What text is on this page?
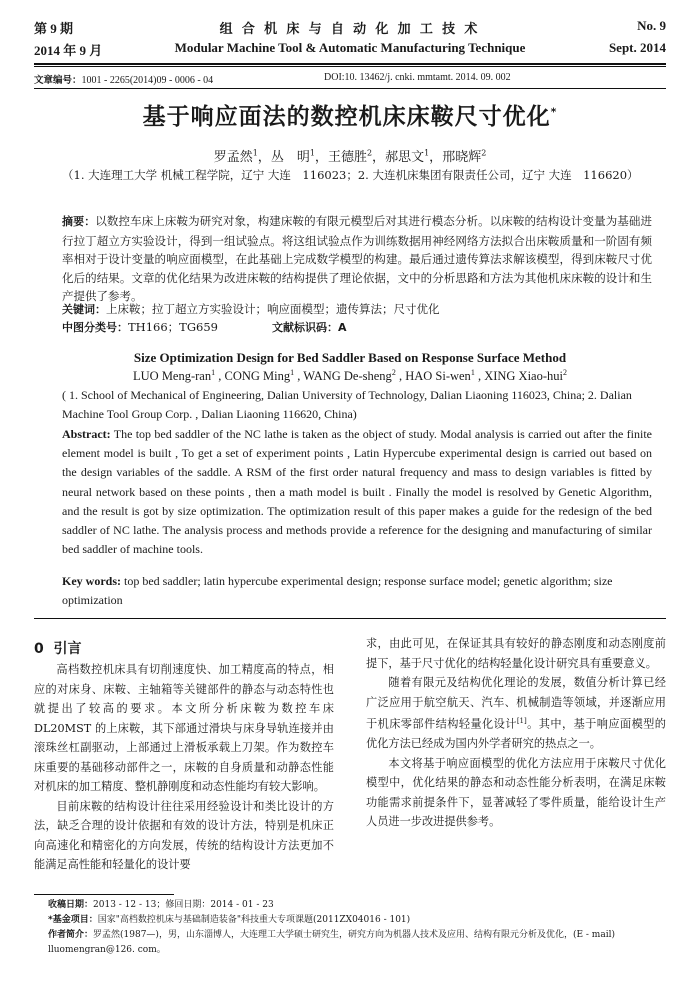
第 9 期	组 合 机 床 与 自 动 化 加 工 技 术	No. 9
2014 年 9 月	Modular Machine Tool & Automatic Manufacturing Technique	Sept. 2014
文章编号：1001 - 2265(2014)09 - 0006 - 04	DOI:10. 13462/j. cnki. mmtamt. 2014. 09. 002
基于响应面法的数控机床床鞍尺寸优化*
罗孟然$^1$，丛　明$^1$，王德胜$^2$，郝思文$^1$，邢晓辉$^2$
（1. 大连理工大学 机械工程学院，辽宁 大连　116023；2. 大连机床集团有限责任公司，辽宁 大连　116620）
摘要：以数控车床上床鞍为研究对象，构建床鞍的有限元模型后对其进行模态分析。以床鞍的结构设计变量为基础进行拉丁超立方实验设计，得到一组试验点。将这组试验点作为训练数据用神经网络方法拟合出床鞍质量和一阶固有频率相对于设计变量的响应面模型，在此基础上完成数学模型的构建。最后通过遗传算法求解该模型，得到床鞍尺寸优化后的结果。文章的优化结果为改进床鞍的结构提供了理论依据，文中的分析思路和方法为其他机床床鞍的设计和生产提供了参考。
关键词：上床鞍；拉丁超立方实验设计；响应面模型；遗传算法；尺寸优化
中图分类号：TH166；TG659	文献标识码：A
Size Optimization Design for Bed Saddler Based on Response Surface Method
LUO Meng-ran$^1$ , CONG Ming$^1$ , WANG De-sheng$^2$ , HAO Si-wen$^1$ , XING Xiao-hui$^2$
( 1. School of Mechanical of Engineering, Dalian University of Technology, Dalian Liaoning 116023, China; 2. Dalian Machine Tool Group Corp. , Dalian Liaoning 116620, China)
Abstract: The top bed saddler of the NC lathe is taken as the object of study. Modal analysis is carried out after the finite element model is built , To get a set of experiment points , Latin Hypercube experimental design is carried out based on the design variables of the saddle. A RSM of the first order natural frequency and mass to design variables is fitted by neural network based on these points , then a math model is built . Finally the model is resolved by Genetic Algorithm, and the result is got by size optimization. The optimization result of this paper makes a guide for the redesign of the bed saddler of NC lathe. The analysis process and methods provide a reference for the designing and manufacturing of similar bed saddler of machine tools.
Key words: top bed saddler; latin hypercube experimental design; response surface model; genetic algorithm; size optimization
0 引言

高档数控机床具有切削速度快、加工精度高的特点，相应的对床身、床鞍、主轴箱等关键部件的静态与动态特性也就提出了较高的要求。本文所分析床鞍为数控车床 DL20MST 的上床鞍，其下部通过滑块与床身导轨连接并由滚珠丝杠副驱动，上部通过上滑板承载上刀架。作为数控车床重要的基础移动部件之一，床鞍的自身质量和动静态性能对机床的加工精度、整机静刚度和动态性能均有较大影响。

目前床鞍的结构设计往往采用经验设计和类比设计的方法，缺乏合理的设计依据和有效的设计方法，特别是机床正向高速化和精密化的方向发展，传统的结构设计方法更加不能满足高性能和轻量化的设计要

求，由此可见，在保证其具有较好的静态刚度和动态刚度前提下，基于尺寸优化的结构轻量化设计研究具有重要意义。

随着有限元及结构优化理论的发展，数值分析计算已经广泛应用于航空航天、汽车、机械制造等领域，并逐渐应用于机床零部件结构轻量化设计[1]。其中，基于响应面模型的优化方法已经成为国内外学者研究的热点之一。

本文将基于响应面模型的优化方法应用于床鞍尺寸优化模型中，优化结果的静态和动态性能分析表明，在满足床鞍功能需求前提条件下，显著减轻了零件质量，能给设计生产人员进一步改进提供参考。

收稿日期：2013 - 12 - 13；修回日期：2014 - 01 - 23
*基金项目：国家"高档数控机床与基础制造装备"科技重大专项课题(2011ZX04016 - 101)
作者简介：罗孟然(1987—)，男，山东淄博人，大连理工大学硕士研究生，研究方向为机器人技术及应用、结构有限元分析及优化，(E - mail) lluomengran@126. com。
